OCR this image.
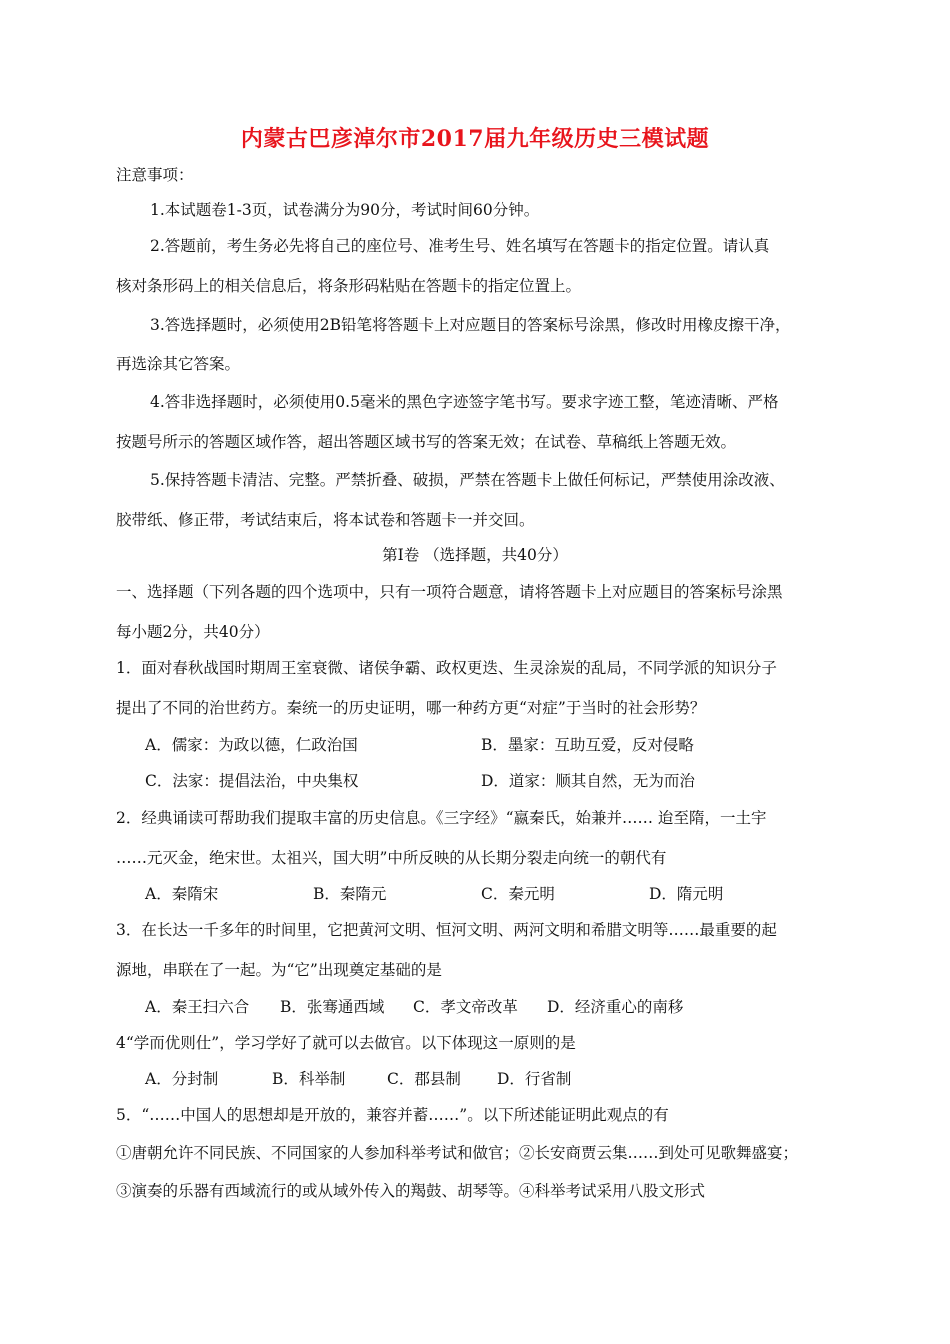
内蒙古巴彦淖尔市2017届九年级历史三模试题
注意事项：
1.本试题卷1-3页，试卷满分为90分，考试时间60分钟。
2.答题前，考生务必先将自己的座位号、准考生号、姓名填写在答题卡的指定位置。请认真
核对条形码上的相关信息后，将条形码粘贴在答题卡的指定位置上。
3.答选择题时，必须使用2B铅笔将答题卡上对应题目的答案标号涂黑，修改时用橡皮擦干净，
再选涂其它答案。
4.答非选择题时，必须使用0.5毫米的黑色字迹签字笔书写。要求字迹工整，笔迹清晰、严格
按题号所示的答题区域作答，超出答题区域书写的答案无效；在试卷、草稿纸上答题无效。
5.保持答题卡清洁、完整。严禁折叠、破损，严禁在答题卡上做任何标记，严禁使用涂改液、
胶带纸、修正带，考试结束后，将本试卷和答题卡一并交回。
第Ⅰ卷 （选择题，共40分）
一、选择题（下列各题的四个选项中，只有一项符合题意，请将答题卡上对应题目的答案标号涂黑
每小题2分，共40分）
1．面对春秋战国时期周王室衰微、诸侯争霸、政权更迭、生灵涂炭的乱局，不同学派的知识分子
提出了不同的治世药方。秦统一的历史证明，哪一种药方更“对症”于当时的社会形势？
A．儒家：为政以德，仁政治国	B．墨家：互助互爱，反对侵略
C．法家：提倡法治，中央集权	D．道家：顺其自然，无为而治
2．经典诵读可帮助我们提取丰富的历史信息。《三字经》“嬴秦氏，始兼并…… 迨至隋，一土宇
……元灭金，绝宋世。太祖兴，国大明”中所反映的从长期分裂走向统一的朝代有
A．秦隋宋	B．秦隋元	C．秦元明	D．隋元明
3．在长达一千多年的时间里，它把黄河文明、恒河文明、两河文明和希腊文明等……最重要的起
源地，串联在了一起。为“它”出现奠定基础的是
A．秦王扫六合 B．张骞通西域 C．孝文帝改革 D．经济重心的南移
4“学而优则仕”，学习学好了就可以去做官。以下体现这一原则的是
A．分封制	B．科举制	C．郡县制 D．行省制
5．“……中国人的思想却是开放的，兼容并蓄……”。以下所述能证明此观点的有
①唐朝允许不同民族、不同国家的人参加科举考试和做官；②长安商贾云集……到处可见歌舞盛宴；
③演奏的乐器有西域流行的或从域外传入的羯鼓、胡琴等。④科举考试采用八股文形式
